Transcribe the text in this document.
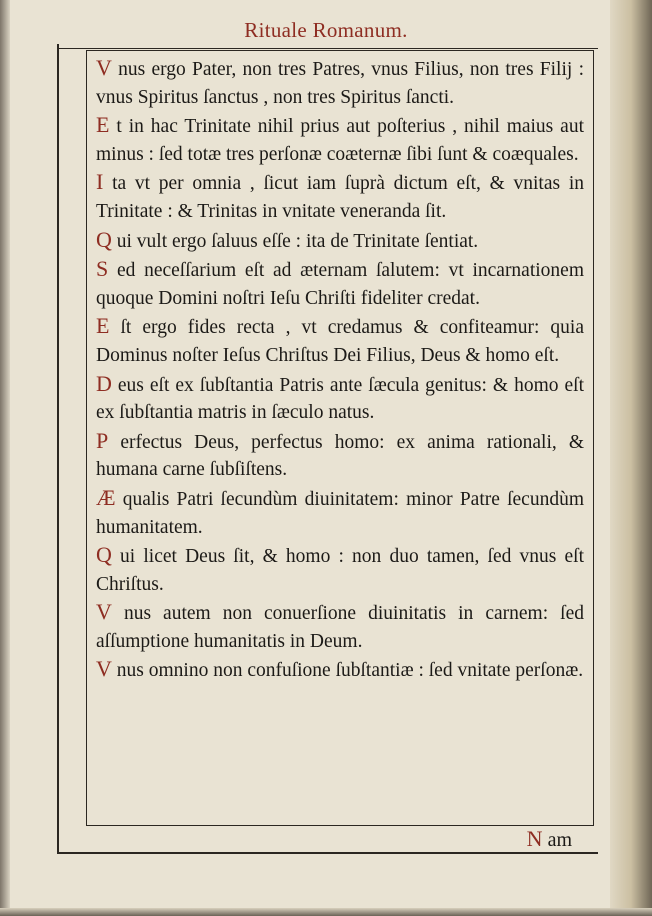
Rituale Romanum.

V nus ergo Pater, non tres Patres, vnus Filius, non tres Filij : vnus Spiritus ſanctus , non tres Spiritus ſancti.

E t in hac Trinitate nihil prius aut poſterius , nihil maius aut minus : ſed totæ tres perſonæ coæternæ ſibi ſunt & coæquales.

I ta vt per omnia , ſicut iam ſuprà dictum eſt, & vnitas in Trinitate : & Trinitas in vnitate veneranda ſit.

Q ui vult ergo ſaluus eſſe : ita de Trinitate ſentiat.

S ed neceſſarium eſt ad æternam ſalutem: vt incarnationem quoque Domini noſtri Ieſu Chriſti fideliter credat.

E ſt ergo fides recta , vt credamus & confiteamur: quia Dominus noſter Ieſus Chriſtus Dei Filius, Deus & homo eſt.

D eus eſt ex ſubſtantia Patris ante ſæcula genitus: & homo eſt ex ſubſtantia matris in ſæculo natus.

P erfectus Deus, perfectus homo: ex anima rationali, & humana carne ſubſiſtens.

Æ qualis Patri ſecundùm diuinitatem: minor Patre ſecundùm humanitatem.

Q ui licet Deus ſit, & homo : non duo tamen, ſed vnus eſt Chriſtus.

V nus autem non conuerſione diuinitatis in carnem: ſed aſſumptione humanitatis in Deum.

V nus omnino non confuſione ſubſtantiæ : ſed vnitate perſonæ.

N am
